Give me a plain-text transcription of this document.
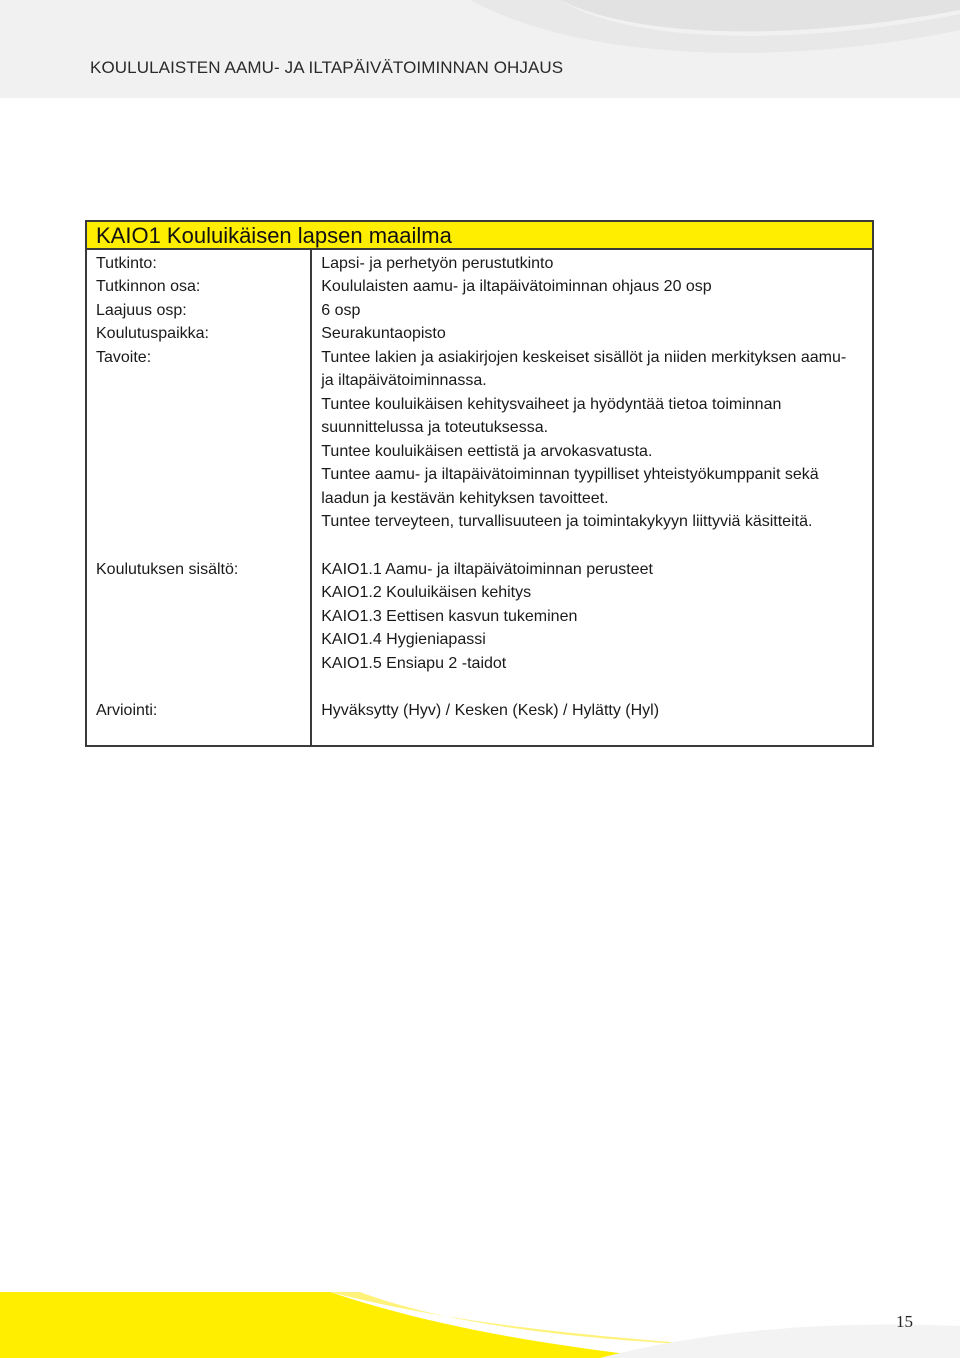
KOULULAISTEN AAMU- JA ILTAPÄIVÄTOIMINNAN OHJAUS
KAIO1 Kouluikäisen lapsen maailma	
Tutkinto:	Lapsi- ja perhetyön perustutkinto
Tutkinnon osa:	Koululaisten aamu- ja iltapäivätoiminnan ohjaus 20 osp
Laajuus osp:	6 osp
Koulutuspaikka:	Seurakuntaopisto
Tavoite:	Tuntee lakien ja asiakirjojen keskeiset sisällöt ja niiden merkityksen aamu- ja iltapäivätoiminnassa.
Tuntee kouluikäisen kehitysvaiheet ja hyödyntää tietoa toiminnan suunnittelussa ja toteutuksessa.
Tuntee kouluikäisen eettistä ja arvokasvatusta.
Tuntee aamu- ja iltapäivätoiminnan tyypilliset yhteistyökumppanit sekä laadun ja kestävän kehityksen tavoitteet.
Tuntee terveyteen, turvallisuuteen ja toimintakykyyn liittyviä käsitteitä.

Koulutuksen sisältö:	KAIO1.1 Aamu- ja iltapäivätoiminnan perusteet
KAIO1.2 Kouluikäisen kehitys
KAIO1.3 Eettisen kasvun tukeminen
KAIO1.4 Hygieniapassi
KAIO1.5 Ensiapu 2 -taidot

Arviointi:	Hyväksytty (Hyv) / Kesken (Kesk) / Hylätty (Hyl)
15
